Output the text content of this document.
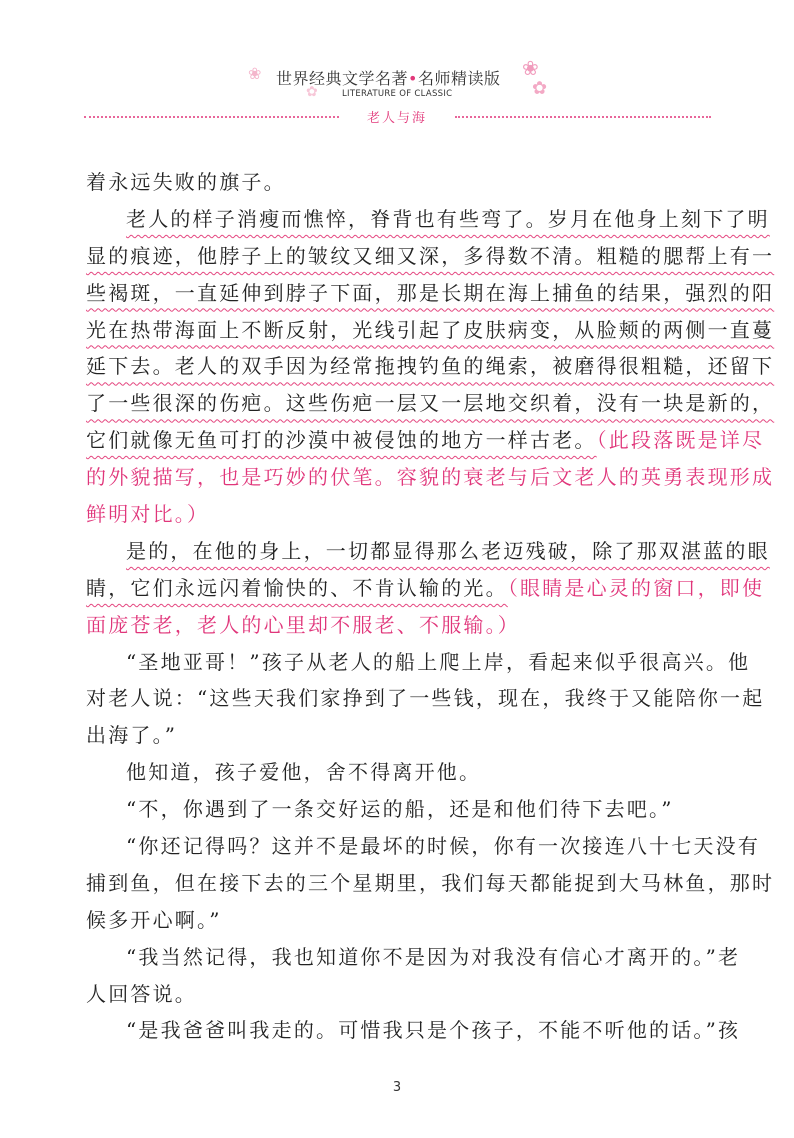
❀
✿
❀
✿
世界经典文学名著•名师精读版
LITERATURE OF CLASSIC
老人与海
着永远失败的旗子。
老人的样子消瘦而憔悴，脊背也有些弯了。岁月在他身上刻下了明
显的痕迹，他脖子上的皱纹又细又深，多得数不清。粗糙的腮帮上有一
些褐斑，一直延伸到脖子下面，那是长期在海上捕鱼的结果，强烈的阳
光在热带海面上不断反射，光线引起了皮肤病变，从脸颊的两侧一直蔓
延下去。老人的双手因为经常拖拽钓鱼的绳索，被磨得很粗糙，还留下
了一些很深的伤疤。这些伤疤一层又一层地交织着，没有一块是新的，
它们就像无鱼可打的沙漠中被侵蚀的地方一样古老。（此段落既是详尽
的外貌描写，也是巧妙的伏笔。容貌的衰老与后文老人的英勇表现形成
鲜明对比。）
是的，在他的身上，一切都显得那么老迈残破，除了那双湛蓝的眼
睛，它们永远闪着愉快的、不肯认输的光。（眼睛是心灵的窗口，即使
面庞苍老，老人的心里却不服老、不服输。）
“圣地亚哥！”孩子从老人的船上爬上岸，看起来似乎很高兴。他
对老人说：“这些天我们家挣到了一些钱，现在，我终于又能陪你一起
出海了。”
他知道，孩子爱他，舍不得离开他。
“不，你遇到了一条交好运的船，还是和他们待下去吧。”
“你还记得吗？这并不是最坏的时候，你有一次接连八十七天没有
捕到鱼，但在接下去的三个星期里，我们每天都能捉到大马林鱼，那时
候多开心啊。”
“我当然记得，我也知道你不是因为对我没有信心才离开的。”老
人回答说。
“是我爸爸叫我走的。可惜我只是个孩子，不能不听他的话。”孩
3
